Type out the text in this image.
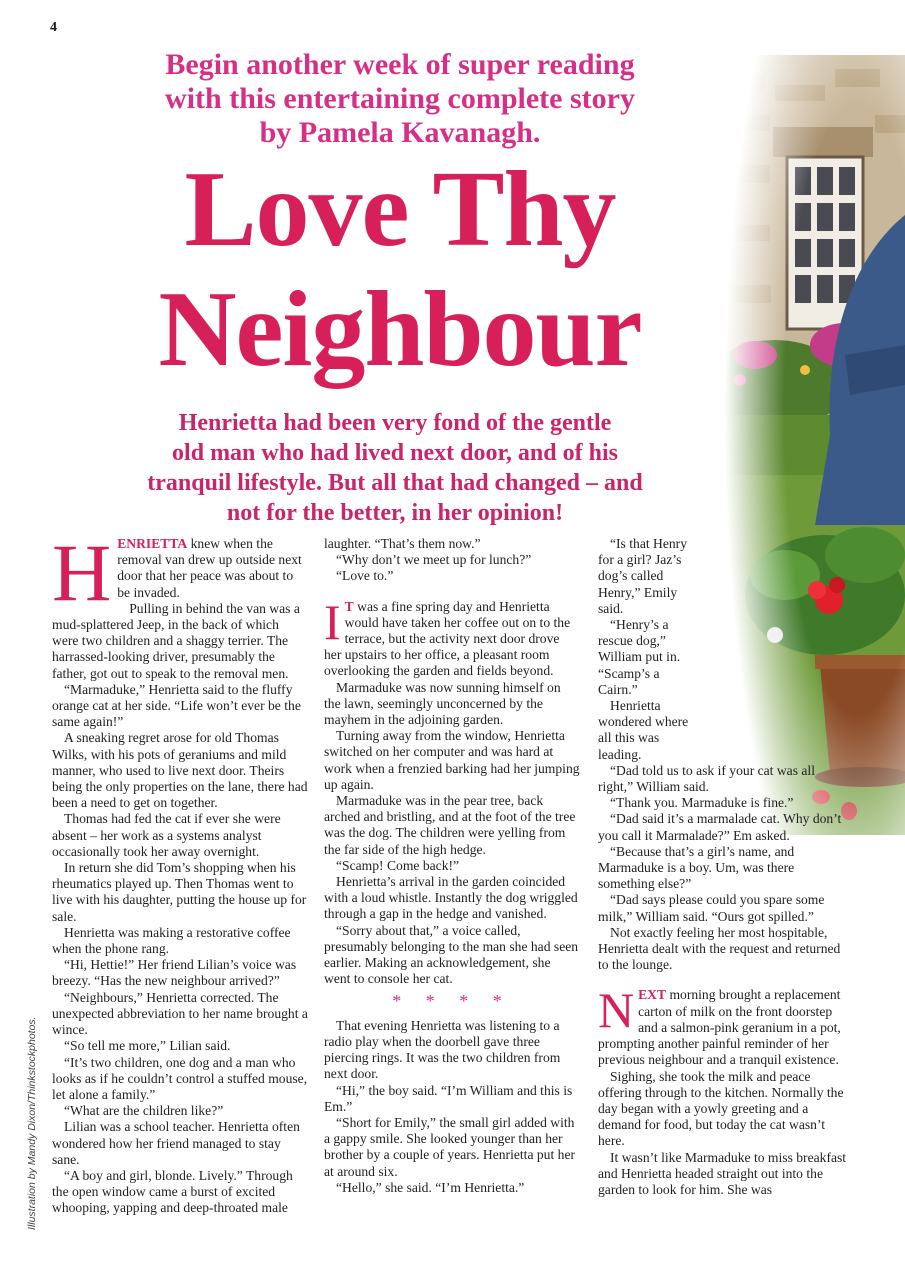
4
Begin another week of super reading
with this entertaining complete story
by Pamela Kavanagh.
Love Thy
Neighbour
Henrietta had been very fond of the gentle
old man who had lived next door, and of his
tranquil lifestyle. But all that had changed – and
not for the better, in her opinion!

HENRIETTA knew when the removal van drew up outside next door that her peace was about to be invaded.

Pulling in behind the van was a mud-splattered Jeep, in the back of which were two children and a shaggy terrier. The harrassed-looking driver, presumably the father, got out to speak to the removal men.

“Marmaduke,” Henrietta said to the fluffy orange cat at her side. “Life won’t ever be the same again!”

A sneaking regret arose for old Thomas Wilks, with his pots of geraniums and mild manner, who used to live next door. Theirs being the only properties on the lane, there had been a need to get on together.

Thomas had fed the cat if ever she were absent – her work as a systems analyst occasionally took her away overnight.

In return she did Tom’s shopping when his rheumatics played up. Then Thomas went to live with his daughter, putting the house up for sale.

Henrietta was making a restorative coffee when the phone rang.

“Hi, Hettie!” Her friend Lilian’s voice was breezy. “Has the new neighbour arrived?”

“Neighbours,” Henrietta corrected. The unexpected abbreviation to her name brought a wince.

“So tell me more,” Lilian said.

“It’s two children, one dog and a man who looks as if he couldn’t control a stuffed mouse, let alone a family.”

“What are the children like?”

Lilian was a school teacher. Henrietta often wondered how her friend managed to stay sane.

“A boy and girl, blonde. Lively.” Through the open window came a burst of excited whooping, yapping and deep-throated male

laughter. “That’s them now.”

“Why don’t we meet up for lunch?”

“Love to.”

I T was a fine spring day and Henrietta would have taken her coffee out on to the terrace, but the activity next door drove her upstairs to her office, a pleasant room overlooking the garden and fields beyond.

Marmaduke was now sunning himself on the lawn, seemingly unconcerned by the mayhem in the adjoining garden.

Turning away from the window, Henrietta switched on her computer and was hard at work when a frenzied barking had her jumping up again.

Marmaduke was in the pear tree, back arched and bristling, and at the foot of the tree was the dog. The children were yelling from the far side of the high hedge.

“Scamp! Come back!”

Henrietta’s arrival in the garden coincided with a loud whistle. Instantly the dog wriggled through a gap in the hedge and vanished.

“Sorry about that,” a voice called, presumably belonging to the man she had seen earlier. Making an acknowledgement, she went to console her cat.

* * * *

That evening Henrietta was listening to a radio play when the doorbell gave three piercing rings. It was the two children from next door.

“Hi,” the boy said. “I’m William and this is Em.”

“Short for Emily,” the small girl added with a gappy smile. She looked younger than her brother by a couple of years. Henrietta put her at around six.

“Hello,” she said. “I’m Henrietta.”

“Is that Henry for a girl? Jaz’s dog’s called Henry,” Emily said.

“Henry’s a rescue dog,” William put in. “Scamp’s a Cairn.”

Henrietta wondered where all this was leading.

“Dad told us to ask if your cat was all right,” William said.

“Thank you. Marmaduke is fine.”

“Dad said it’s a marmalade cat. Why don’t you call it Marmalade?” Em asked.

“Because that’s a girl’s name, and Marmaduke is a boy. Um, was there something else?”

“Dad says please could you spare some milk,” William said. “Ours got spilled.”

Not exactly feeling her most hospitable, Henrietta dealt with the request and returned to the lounge.

NEXT morning brought a replacement carton of milk on the front doorstep and a salmon-pink geranium in a pot, prompting another painful reminder of her previous neighbour and a tranquil existence.

Sighing, she took the milk and peace offering through to the kitchen. Normally the day began with a yowly greeting and a demand for food, but today the cat wasn’t here.

It wasn’t like Marmaduke to miss breakfast and Henrietta headed straight out into the garden to look for him. She was

Illustration by Mandy Dixon/Thinkstockphotos.
